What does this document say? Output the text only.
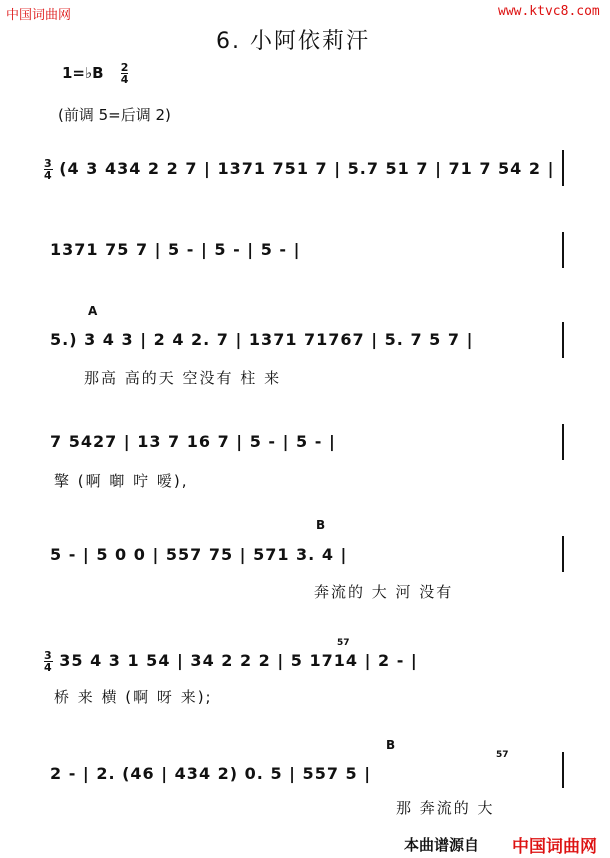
中国词曲网	www.ktvc8.com
6. 小阿依莉汗
1=♭B $\frac{2}{4}$
(前调 5=后调 2)
$\frac{3}{4} (4$ 3 434 2 2 7 | 1371 751 7 | 5.7 51 7 | 71 7 54 2 |
1371 75 7 | 5 - | 5 - | 5 - |
A
5.) 3 4 3 | 2 4 2. 7 | 1371 71767 | 5. 7 5 7 |
那高 高的天 空没有 柱 来
7 5427 | 13 7 16 7 | 5 - | 5 - |
擎 (啊 啣 咛 嗳),
B
5 - | 5 0 0 | 557 75 | 571 3. 4 |
奔流的 大 河 没有
$\frac{3}{4} 35$ 4 3 1 54 | 34 2 2 2 | 5 1714 | 2 - |
57
桥 来 横 (啊 呀 来);
B
2 - | 2. (46 | 434 2) 0. 5 | 557 5 |
57
那 奔流的 大
本曲谱源自 中国词曲网
